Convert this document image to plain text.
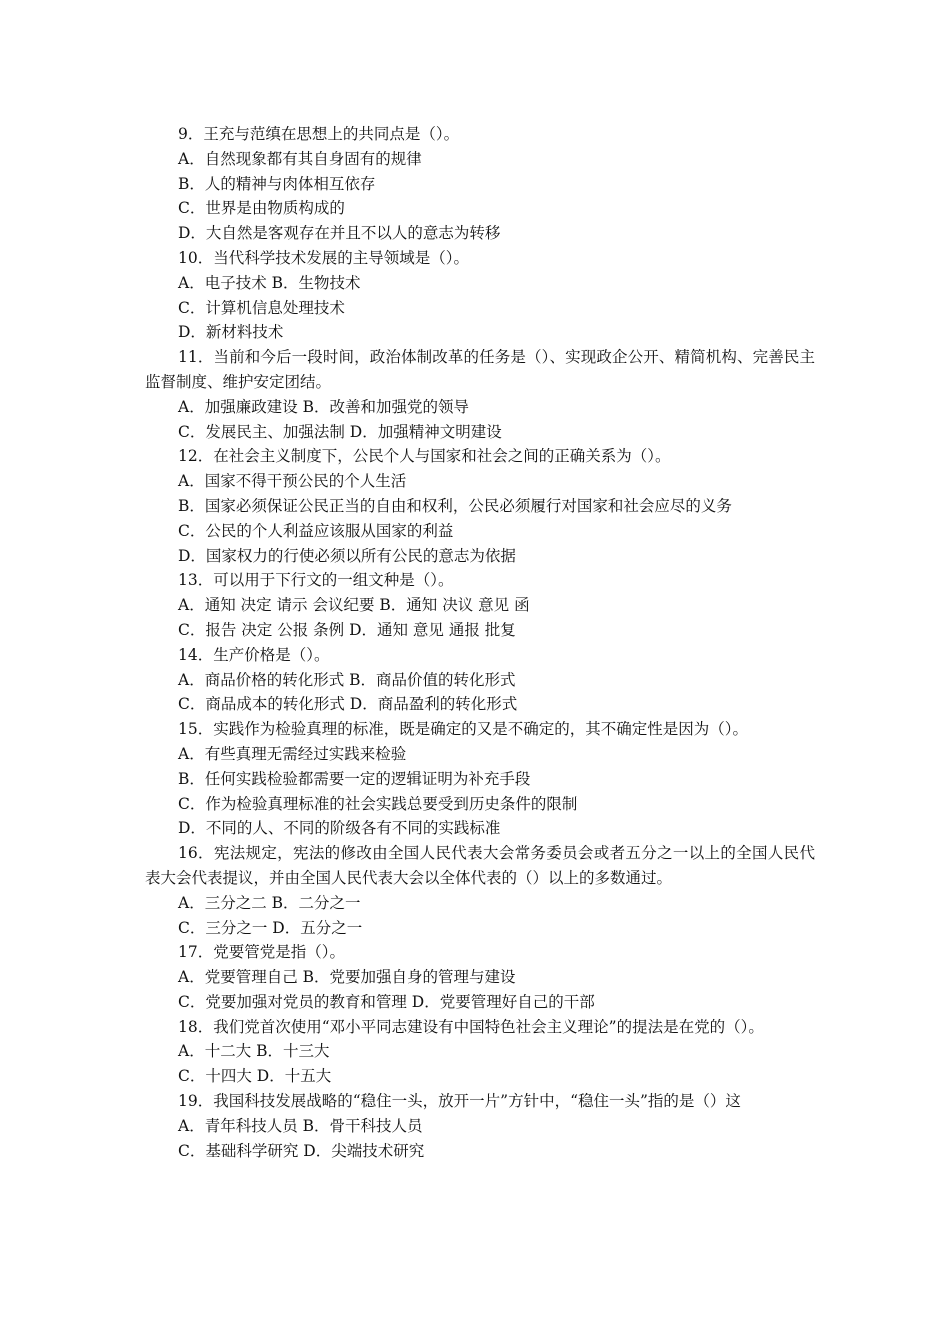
9．王充与范缜在思想上的共同点是（）。
A．自然现象都有其自身固有的规律
B．人的精神与肉体相互依存
C．世界是由物质构成的
D．大自然是客观存在并且不以人的意志为转移
10．当代科学技术发展的主导领域是（）。
A．电子技术 B．生物技术
C．计算机信息处理技术
D．新材料技术
11．当前和今后一段时间，政治体制改革的任务是（）、实现政企公开、精简机构、完善民主监督制度、维护安定团结。
A．加强廉政建设 B．改善和加强党的领导
C．发展民主、加强法制 D．加强精神文明建设
12．在社会主义制度下，公民个人与国家和社会之间的正确关系为（）。
A．国家不得干预公民的个人生活
B．国家必须保证公民正当的自由和权利，公民必须履行对国家和社会应尽的义务
C．公民的个人利益应该服从国家的利益
D．国家权力的行使必须以所有公民的意志为依据
13．可以用于下行文的一组文种是（）。
A．通知 决定 请示 会议纪要 B．通知 决议 意见 函
C．报告 决定 公报 条例 D．通知 意见 通报 批复
14．生产价格是（）。
A．商品价格的转化形式 B．商品价值的转化形式
C．商品成本的转化形式 D．商品盈利的转化形式
15．实践作为检验真理的标准，既是确定的又是不确定的，其不确定性是因为（）。
A．有些真理无需经过实践来检验
B．任何实践检验都需要一定的逻辑证明为补充手段
C．作为检验真理标准的社会实践总要受到历史条件的限制
D．不同的人、不同的阶级各有不同的实践标准
16．宪法规定，宪法的修改由全国人民代表大会常务委员会或者五分之一以上的全国人民代表大会代表提议，并由全国人民代表大会以全体代表的（）以上的多数通过。
A．三分之二 B．二分之一
C．三分之一 D．五分之一
17．党要管党是指（）。
A．党要管理自己 B．党要加强自身的管理与建设
C．党要加强对党员的教育和管理 D．党要管理好自己的干部
18．我们党首次使用“邓小平同志建设有中国特色社会主义理论”的提法是在党的（）。
A．十二大 B．十三大
C．十四大 D．十五大
19．我国科技发展战略的“稳住一头，放开一片”方针中，“稳住一头”指的是（）这
A．青年科技人员 B．骨干科技人员
C．基础科学研究 D．尖端技术研究
